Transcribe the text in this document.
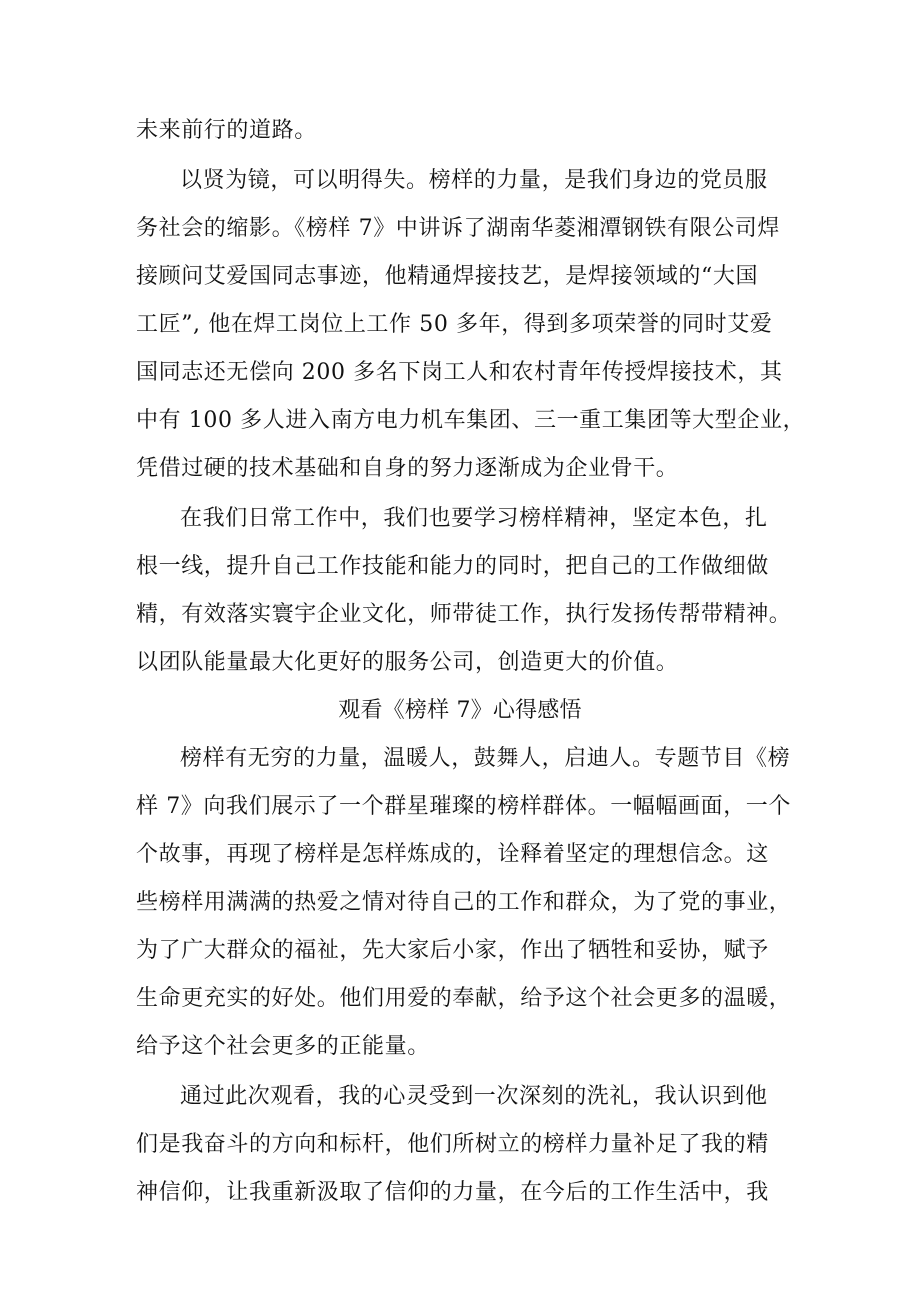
未来前行的道路。
以贤为镜，可以明得失。榜样的力量，是我们身边的党员服
务社会的缩影。《榜样 7》中讲诉了湖南华菱湘潭钢铁有限公司焊
接顾问艾爱国同志事迹，他精通焊接技艺，是焊接领域的“大国
工匠”, 他在焊工岗位上工作 50 多年，得到多项荣誉的同时艾爱
国同志还无偿向 200 多名下岗工人和农村青年传授焊接技术，其
中有 100 多人进入南方电力机车集团、三一重工集团等大型企业，
凭借过硬的技术基础和自身的努力逐渐成为企业骨干。
在我们日常工作中，我们也要学习榜样精神，坚定本色，扎
根一线，提升自己工作技能和能力的同时，把自己的工作做细做
精，有效落实寰宇企业文化，师带徒工作，执行发扬传帮带精神。
以团队能量最大化更好的服务公司，创造更大的价值。
观看《榜样 7》心得感悟
榜样有无穷的力量，温暖人，鼓舞人，启迪人。专题节目《榜
样 7》向我们展示了一个群星璀璨的榜样群体。一幅幅画面，一个
个故事，再现了榜样是怎样炼成的，诠释着坚定的理想信念。这
些榜样用满满的热爱之情对待自己的工作和群众，为了党的事业，
为了广大群众的福祉，先大家后小家，作出了牺牲和妥协，赋予
生命更充实的好处。他们用爱的奉献，给予这个社会更多的温暖，
给予这个社会更多的正能量。
通过此次观看，我的心灵受到一次深刻的洗礼，我认识到他
们是我奋斗的方向和标杆，他们所树立的榜样力量补足了我的精
神信仰，让我重新汲取了信仰的力量，在今后的工作生活中，我
